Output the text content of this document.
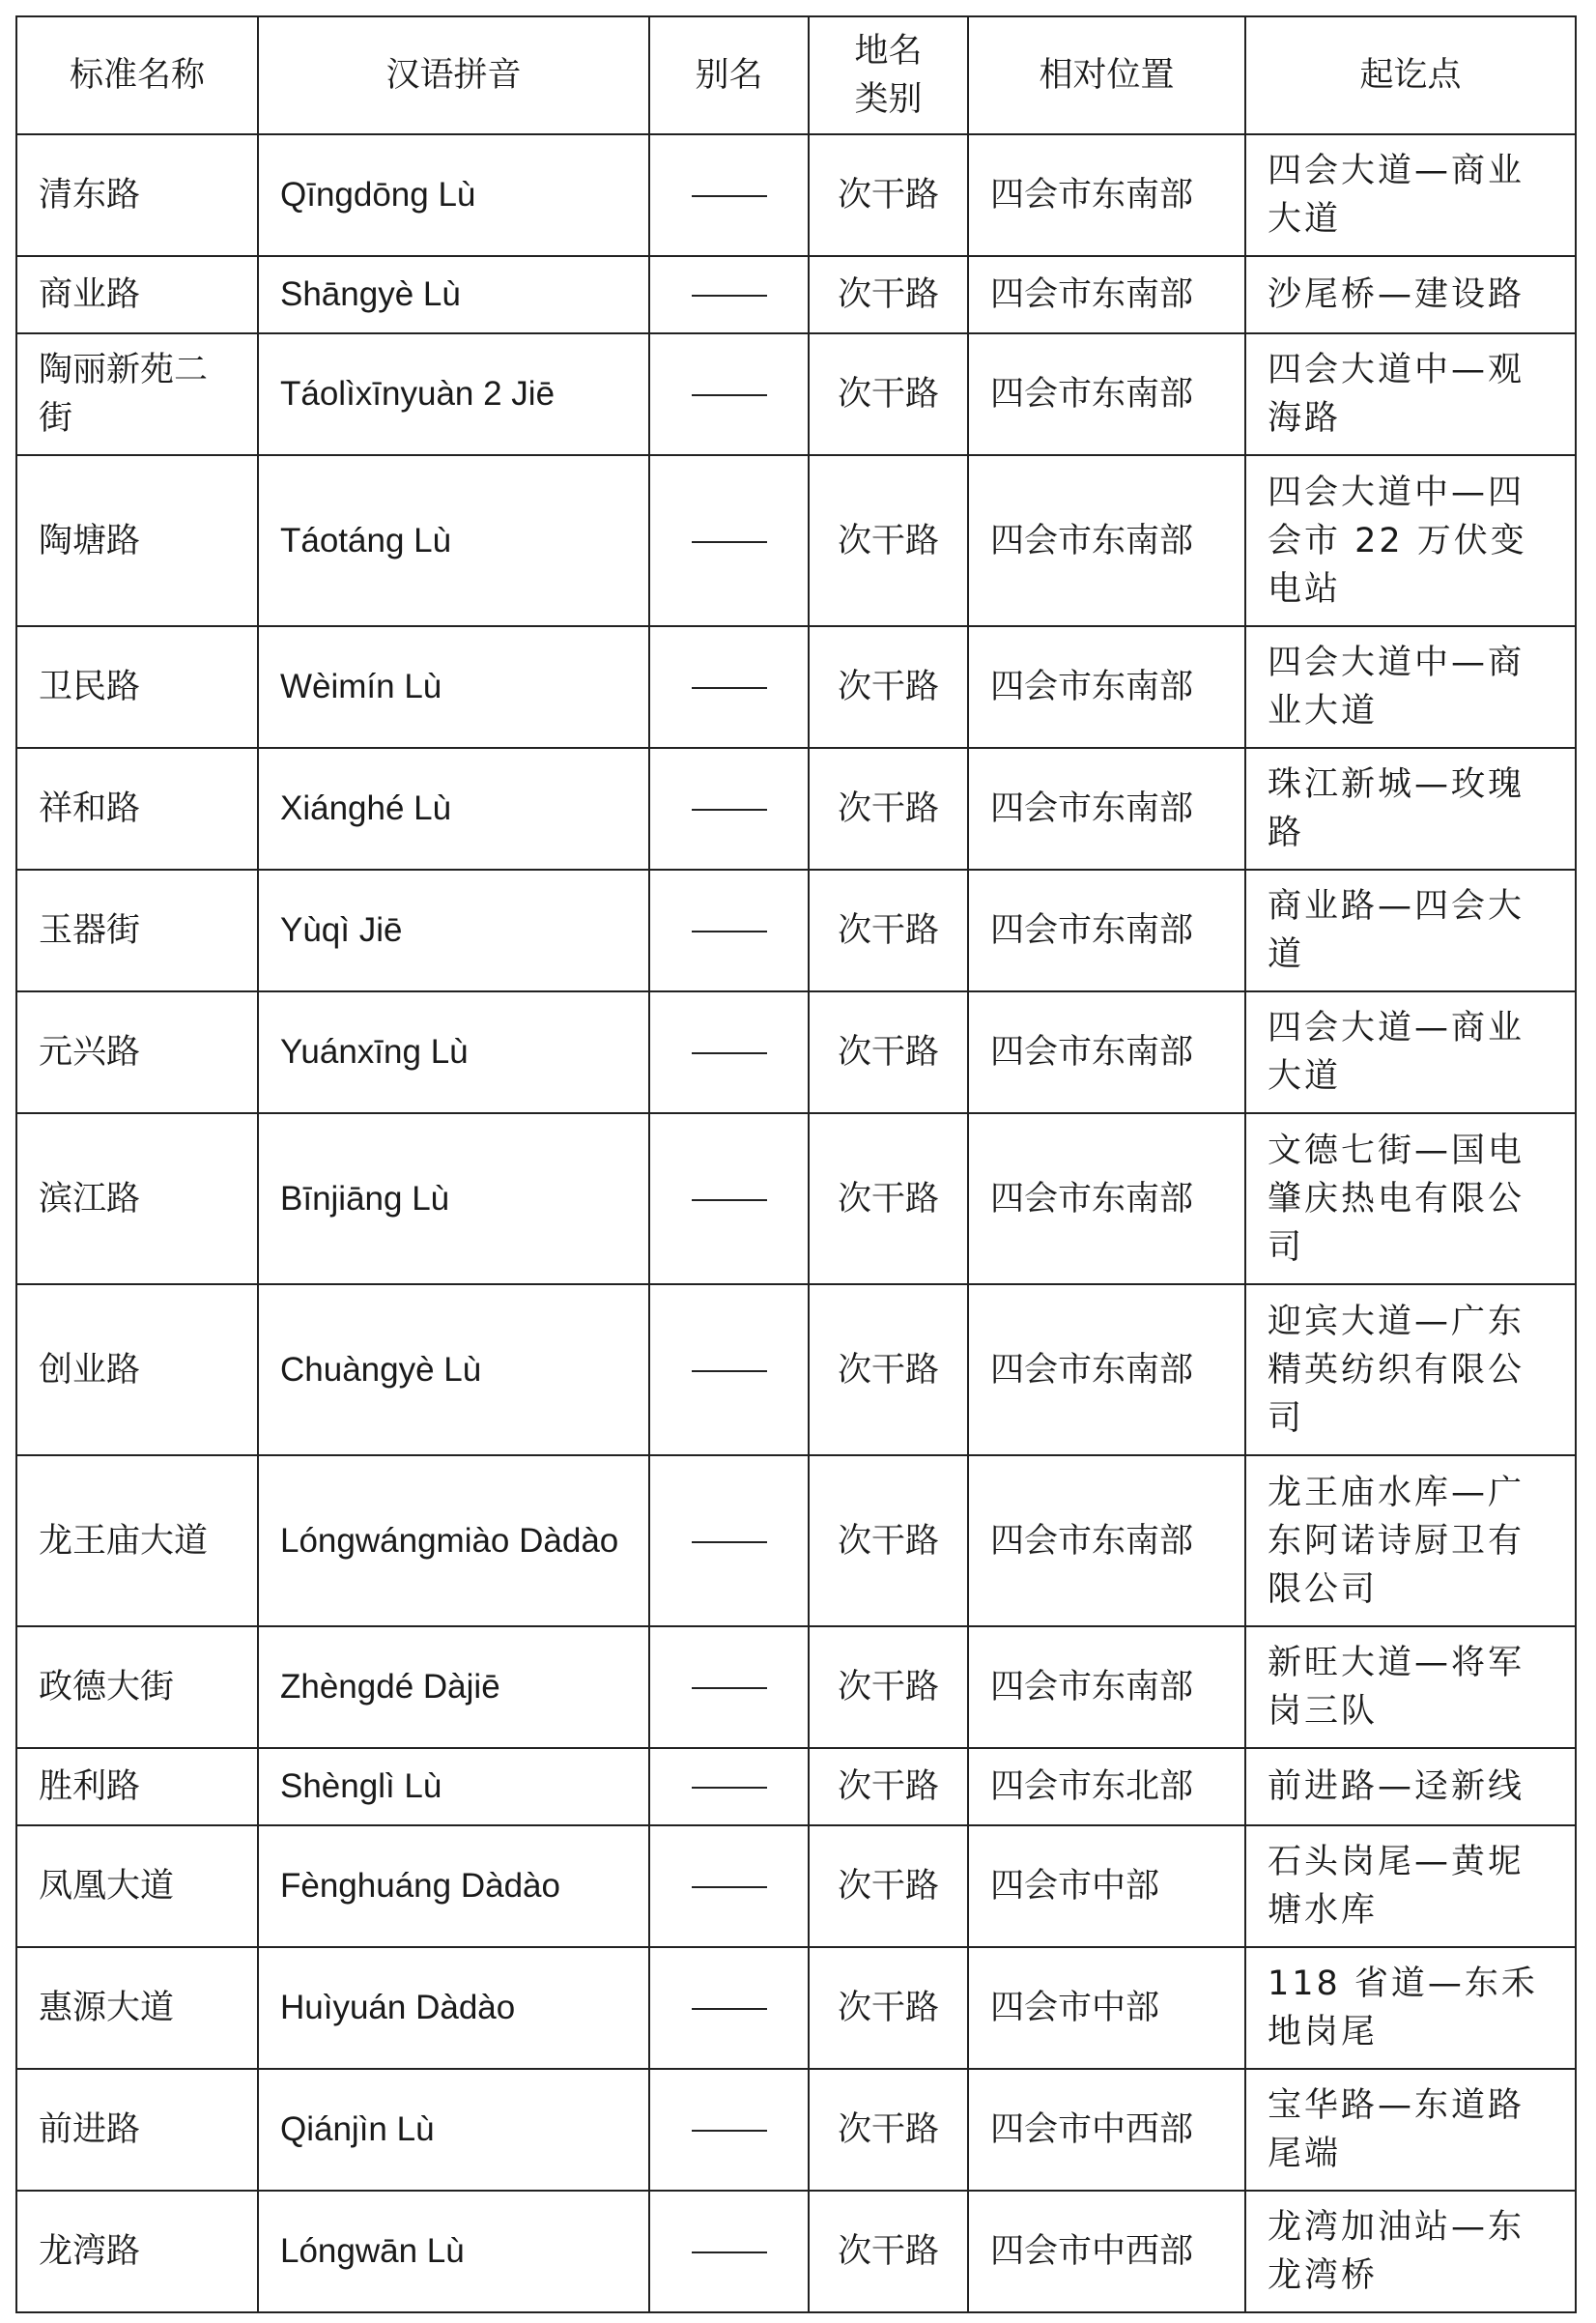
标准名称	汉语拼音	别名	地名类别	相对位置	起讫点
清东路	Qīngdōng Lù		次干路	四会市东南部	四会大道—商业大道
商业路	Shāngyè Lù		次干路	四会市东南部	沙尾桥—建设路
陶丽新苑二街	Táolìxīnyuàn 2 Jiē		次干路	四会市东南部	四会大道中—观海路
陶塘路	Táotáng Lù		次干路	四会市东南部	四会大道中—四会市 22 万伏变电站
卫民路	Wèimín Lù		次干路	四会市东南部	四会大道中—商业大道
祥和路	Xiánghé Lù		次干路	四会市东南部	珠江新城—玫瑰路
玉器街	Yùqì Jiē		次干路	四会市东南部	商业路—四会大道
元兴路	Yuánxīng Lù		次干路	四会市东南部	四会大道—商业大道
滨江路	Bīnjiāng Lù		次干路	四会市东南部	文德七街—国电肇庆热电有限公司
创业路	Chuàngyè Lù		次干路	四会市东南部	迎宾大道—广东精英纺织有限公司
龙王庙大道	Lóngwángmiào Dàdào		次干路	四会市东南部	龙王庙水库—广东阿诺诗厨卫有限公司
政德大街	Zhèngdé Dàjiē		次干路	四会市东南部	新旺大道—将军岗三队
胜利路	Shènglì Lù		次干路	四会市东北部	前进路—迳新线
凤凰大道	Fènghuáng Dàdào		次干路	四会市中部	石头岗尾—黄坭塘水库
惠源大道	Huìyuán Dàdào		次干路	四会市中部	118 省道—东禾地岗尾
前进路	Qiánjìn Lù		次干路	四会市中西部	宝华路—东道路尾端
龙湾路	Lóngwān Lù		次干路	四会市中西部	龙湾加油站—东龙湾桥
